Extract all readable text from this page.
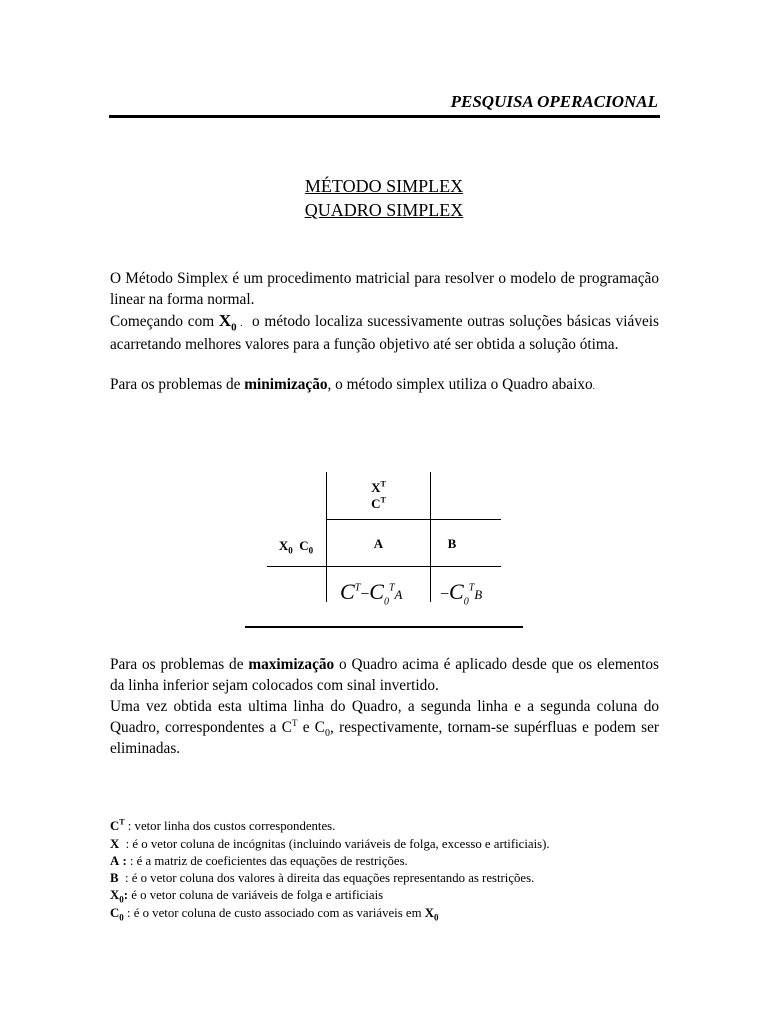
PESQUISA OPERACIONAL
MÉTODO SIMPLEX
QUADRO SIMPLEX
O Método Simplex é um procedimento matricial para resolver o modelo de programação linear na forma normal.
Começando com $X_0$ . o método localiza sucessivamente outras soluções básicas viáveis acarretando melhores valores para a função objetivo até ser obtida a solução ótima.
Para os problemas de minimização, o método simplex utiliza o Quadro abaixo.
$X^T$
$C^T$
$X_0$ $C_0$	A	B
$C^T-C_0^TA -C_0^TB$
Para os problemas de maximização o Quadro acima é aplicado desde que os elementos da linha inferior sejam colocados com sinal invertido.
Uma vez obtida esta ultima linha do Quadro, a segunda linha e a segunda coluna do Quadro, correspondentes a $C^T$ e $C_0$, respectivamente, tornam-se supérfluas e podem ser eliminadas.
$C^T$ : vetor linha dos custos correspondentes.
X : é o vetor coluna de incógnitas (incluindo variáveis de folga, excesso e artificiais).
A : : é a matriz de coeficientes das equações de restrições.
B : é o vetor coluna dos valores à direita das equações representando as restrições.
$X_0$: é o vetor coluna de variáveis de folga e artificiais
$C_0$ : é o vetor coluna de custo associado com as variáveis em $X_0$
